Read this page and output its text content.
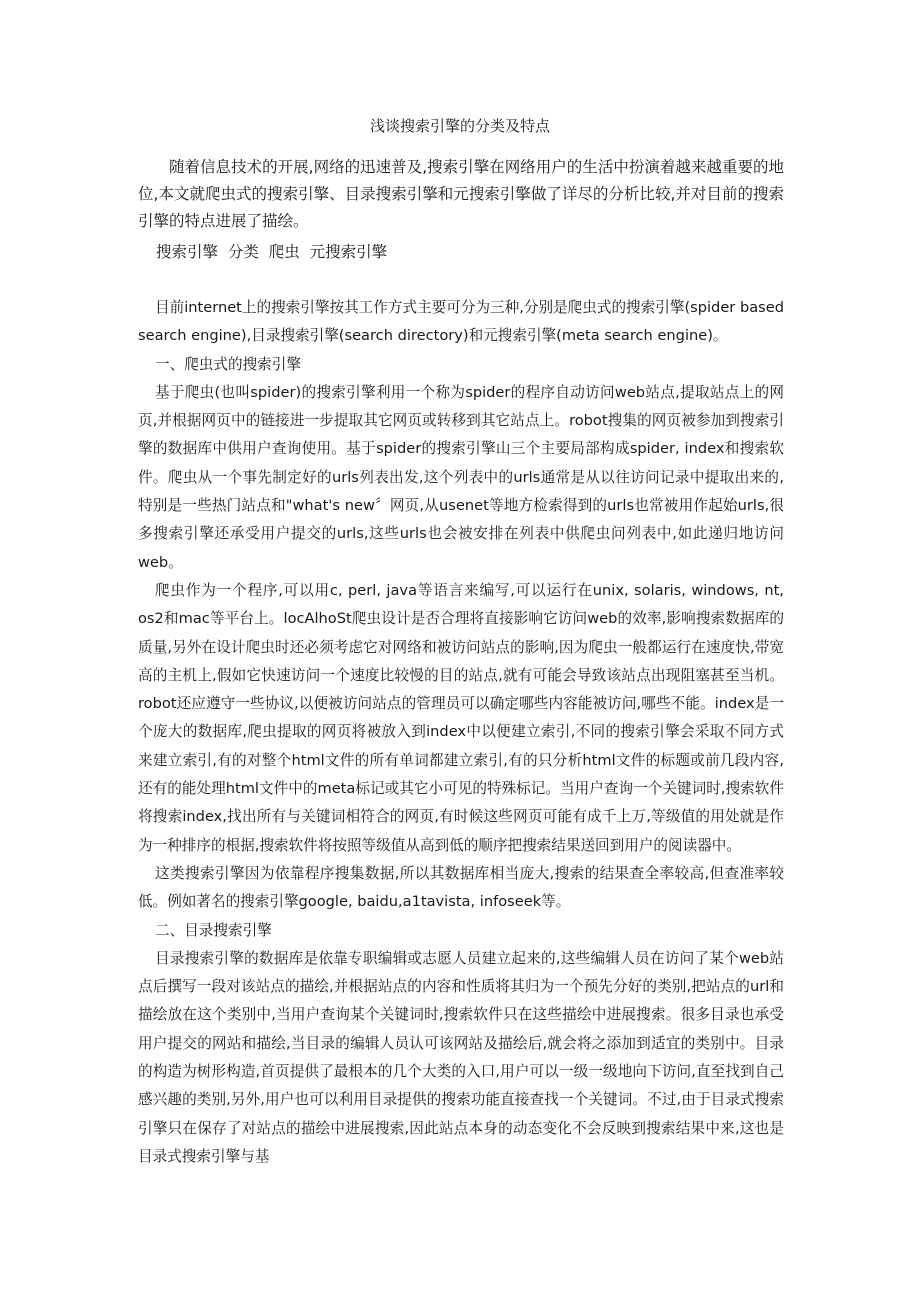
浅谈搜索引擎的分类及特点

随着信息技术的开展,网络的迅速普及,搜索引擎在网络用户的生活中扮演着越来越重要的地位,本文就爬虫式的搜索引擎、目录搜索引擎和元搜索引擎做了详尽的分析比较,并对目前的搜索引擎的特点进展了描绘。

搜索引擎  分类  爬虫  元搜索引擎

目前internet上的搜索引擎按其工作方式主要可分为三种,分别是爬虫式的搜索引擎(spider based search engine),目录搜索引擎(search directory)和元搜索引擎(meta search engine)。

一、爬虫式的搜索引擎

基于爬虫(也叫spider)的搜索引擎利用一个称为spider的程序自动访问web站点,提取站点上的网页,并根据网页中的链接进一步提取其它网页或转移到其它站点上。robot搜集的网页被参加到搜索引擎的数据库中供用户查询使用。基于spider的搜索引擎山三个主要局部构成spider, index和搜索软件。爬虫从一个事先制定好的urls列表出发,这个列表中的urls通常是从以往访问记录中提取出来的,特别是一些热门站点和"what's new〞网页,从usenet等地方检索得到的urls也常被用作起始urls,很多搜索引擎还承受用户提交的urls,这些urls也会被安排在列表中供爬虫问列表中,如此递归地访问web。

爬虫作为一个程序,可以用c, perl, java等语言来编写,可以运行在unix, solaris, windows, nt, os2和mac等平台上。locAlhoSt爬虫设计是否合理将直接影响它访问web的效率,影响搜索数据库的质量,另外在设计爬虫时还必须考虑它对网络和被访问站点的影响,因为爬虫一般都运行在速度快,带宽高的主机上,假如它快速访问一个速度比较慢的目的站点,就有可能会导致该站点出现阻塞甚至当机。robot还应遵守一些协议,以便被访问站点的管理员可以确定哪些内容能被访问,哪些不能。index是一个庞大的数据库,爬虫提取的网页将被放入到index中以便建立索引,不同的搜索引擎会采取不同方式来建立索引,有的对整个html文件的所有单词都建立索引,有的只分析html文件的标题或前几段内容,还有的能处理html文件中的meta标记或其它小可见的特殊标记。当用户查询一个关键词时,搜索软件将搜索index,找出所有与关键词相符合的网页,有时候这些网页可能有成千上万,等级值的用处就是作为一种排序的根据,搜索软件将按照等级值从高到低的顺序把搜索结果送回到用户的阅读器中。

这类搜索引擎因为依靠程序搜集数据,所以其数据库相当庞大,搜索的结果查全率较高,但查准率较低。例如著名的搜索引擎google, baidu,a1tavista, infoseek等。

二、目录搜索引擎

目录搜索引擎的数据库是依靠专职编辑或志愿人员建立起来的,这些编辑人员在访问了某个web站点后撰写一段对该站点的描绘,并根据站点的内容和性质将其归为一个预先分好的类别,把站点的url和描绘放在这个类别中,当用户查询某个关键词时,搜索软件只在这些描绘中进展搜索。很多目录也承受用户提交的网站和描绘,当目录的编辑人员认可该网站及描绘后,就会将之添加到适宜的类别中。目录的构造为树形构造,首页提供了最根本的几个大类的入口,用户可以一级一级地向下访问,直至找到自己感兴趣的类别,另外,用户也可以利用目录提供的搜索功能直接查找一个关键词。不过,由于目录式搜索引擎只在保存了对站点的描绘中进展搜索,因此站点本身的动态变化不会反映到搜索结果中来,这也是目录式搜索引擎与基
